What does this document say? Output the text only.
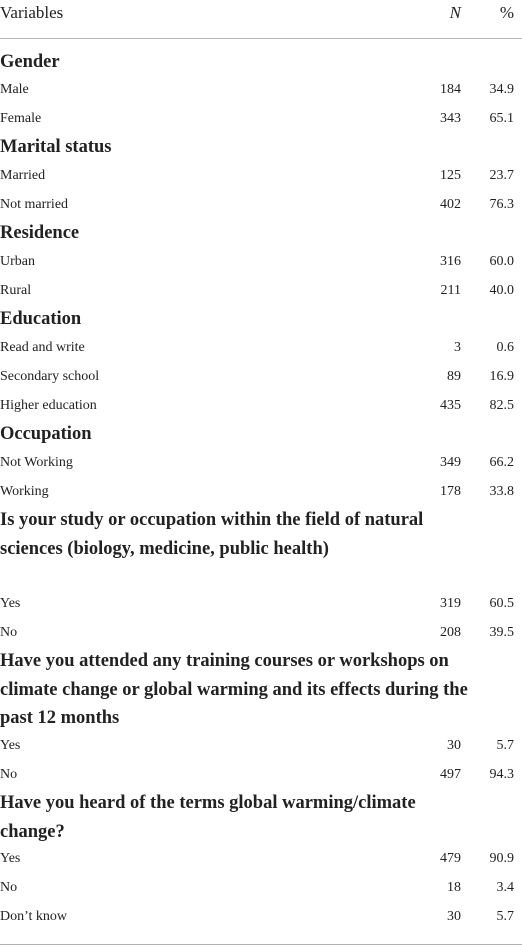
Variables	N %
Gender
Male	184 34.9
Female	343 65.1
Marital status
Married	125 23.7
Not married	402 76.3
Residence
Urban	316 60.0
Rural	211 40.0
Education
Read and write	3	0.6
Secondary school	89 16.9
Higher education	435 82.5
Occupation
Not Working	349 66.2
Working	178 33.8
Is your study or occupation within the field of natural sciences (biology, medicine, public health)
Yes	319 60.5
No	208 39.5
Have you attended any training courses or workshops on climate change or global warming and its effects during the past 12 months
Yes	30	5.7
No	497 94.3
Have you heard of the terms global warming/climate change?
Yes	479 90.9
No	18	3.4
Don’t know	30	5.7
